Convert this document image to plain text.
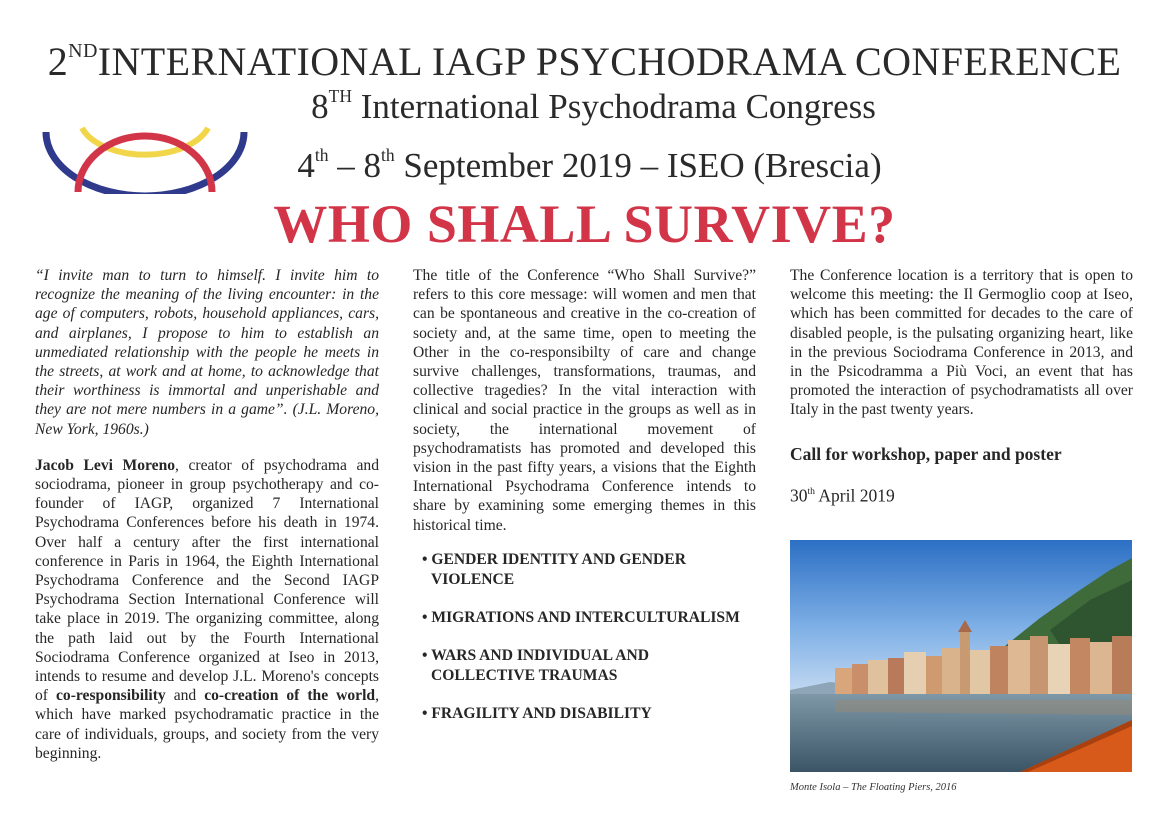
2NDINTERNATIONAL IAGP PSYCHODRAMA CONFERENCE
8TH International Psychodrama Congress
4th – 8th September 2019 – ISEO (Brescia)
WHO SHALL SURVIVE?

“I invite man to turn to himself. I invite him to recognize the meaning of the living encounter: in the age of computers, robots, household appliances, cars, and airplanes, I propose to him to establish an unmediated relationship with the people he meets in the streets, at work and at home, to acknowledge that their worthiness is immortal and unperishable and they are not mere numbers in a game”. (J.L. Moreno, New York, 1960s.)

Jacob Levi Moreno, creator of psychodrama and sociodrama, pioneer in group psychotherapy and co-founder of IAGP, organized 7 International Psychodrama Conferences before his death in 1974. Over half a century after the first international conference in Paris in 1964, the Eighth International Psychodrama Conference and the Second IAGP Psychodrama Section International Conference will take place in 2019. The organizing committee, along the path laid out by the Fourth International Sociodrama Conference organized at Iseo in 2013, intends to resume and develop J.L. Moreno's concepts of co-responsibility and co-creation of the world, which have marked psychodramatic practice in the care of individuals, groups, and society from the very beginning.

The title of the Conference “Who Shall Survive?” refers to this core message: will women and men that can be spontaneous and creative in the co-creation of society and, at the same time, open to meeting the Other in the co-responsibilty of care and change survive challenges, transformations, traumas, and collective tragedies? In the vital interaction with clinical and social practice in the groups as well as in society, the international movement of psychodramatists has promoted and developed this vision in the past fifty years, a visions that the Eighth International Psychodrama Conference intends to share by examining some emerging themes in this historical time.

• GENDER IDENTITY AND GENDER VIOLENCE
• MIGRATIONS AND INTERCULTURALISM
• WARS AND INDIVIDUAL AND COLLECTIVE TRAUMAS
• FRAGILITY AND DISABILITY

The Conference location is a territory that is open to welcome this meeting: the Il Germoglio coop at Iseo, which has been committed for decades to the care of disabled people, is the pulsating organizing heart, like in the previous Sociodrama Conference in 2013, and in the Psicodramma a Più Voci, an event that has promoted the interaction of psychodramatists all over Italy in the past twenty years.

Call for workshop, paper and poster
30th April 2019
Monte Isola – The Floating Piers, 2016
